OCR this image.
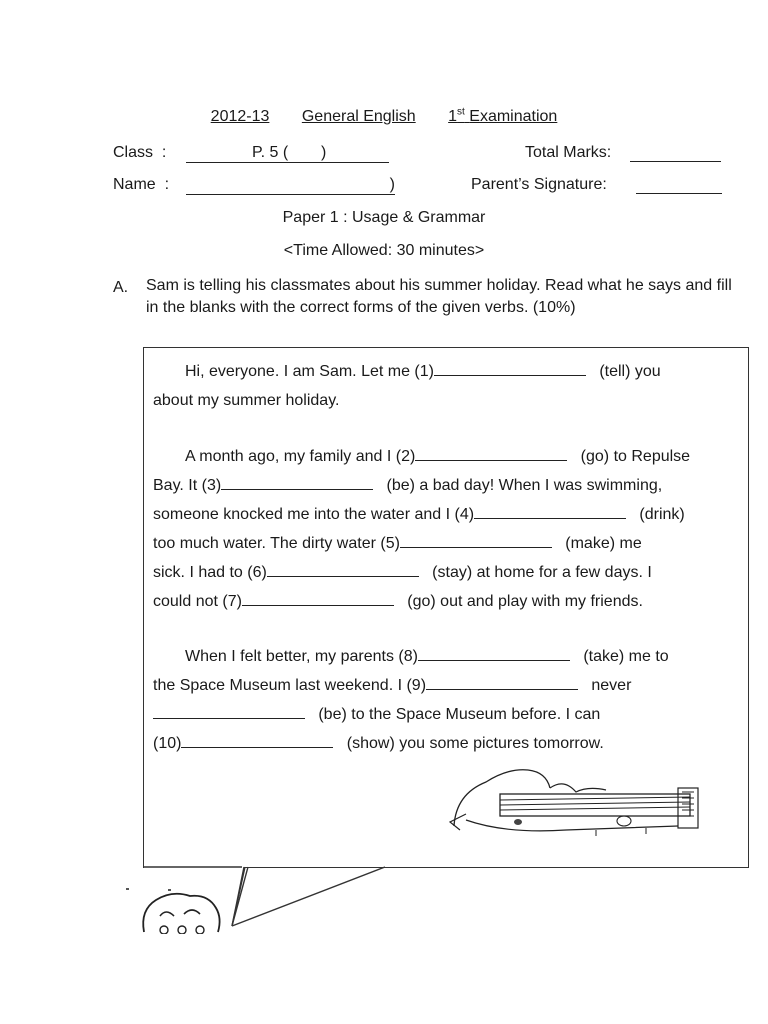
2012-13 General English 1st Examination
Class :	P. 5 ( )	Total Marks:
Name :	)	Parent’s Signature:
Paper 1 : Usage & Grammar
<Time Allowed: 30 minutes>
A. Sam is telling his classmates about his summer holiday. Read what he says and fill in the blanks with the correct forms of the given verbs. (10%)

Hi, everyone. I am Sam. Let me (1)	(tell) you

about my summer holiday.

A month ago, my family and I (2)	(go) to Repulse

Bay. It (3)	(be) a bad day! When I was swimming,

someone knocked me into the water and I (4)	(drink)

too much water. The dirty water (5)	(make) me

sick. I had to (6)	(stay) at home for a few days. I

could not (7)	(go) out and play with my friends.

When I felt better, my parents (8)	(take) me to

the Space Museum last weekend. I (9)	never

(be) to the Space Museum before. I can

(10)	(show) you some pictures tomorrow.
